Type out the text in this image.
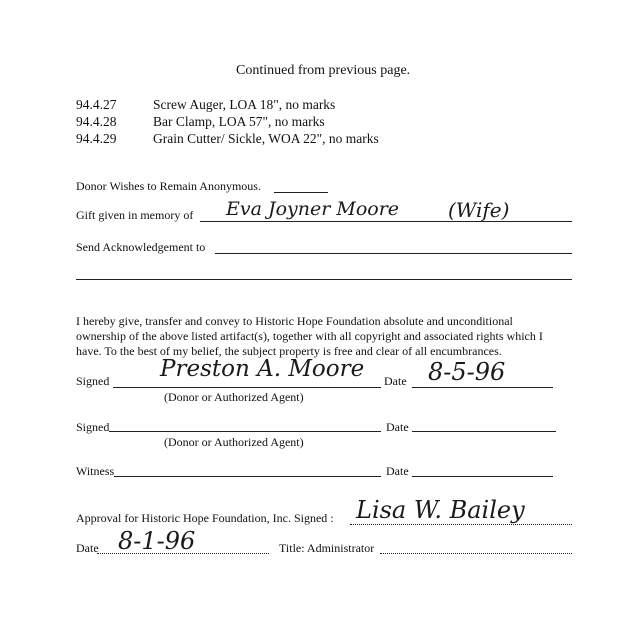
Continued from previous page.
94.4.27	Screw Auger, LOA 18", no marks
94.4.28	Bar Clamp, LOA 57", no marks
94.4.29	Grain Cutter/ Sickle, WOA 22", no marks
Donor Wishes to Remain Anonymous.
Gift given in memory of Eva Joyner Moore (Wife)
Send Acknowledgement to
I hereby give, transfer and convey to Historic Hope Foundation absolute and unconditional
ownership of the above listed artifact(s), together with all copyright and associated rights which I
have. To the best of my belief, the subject property is free and clear of all encumbrances.
Signed Preston A. Moore Date 8-5-96
(Donor or Authorized Agent)
Signed	Date
(Donor or Authorized Agent)
Witness	Date
Approval for Historic Hope Foundation, Inc. Signed : Lisa W. Bailey
Date 8-1-96	Title: Administrator
